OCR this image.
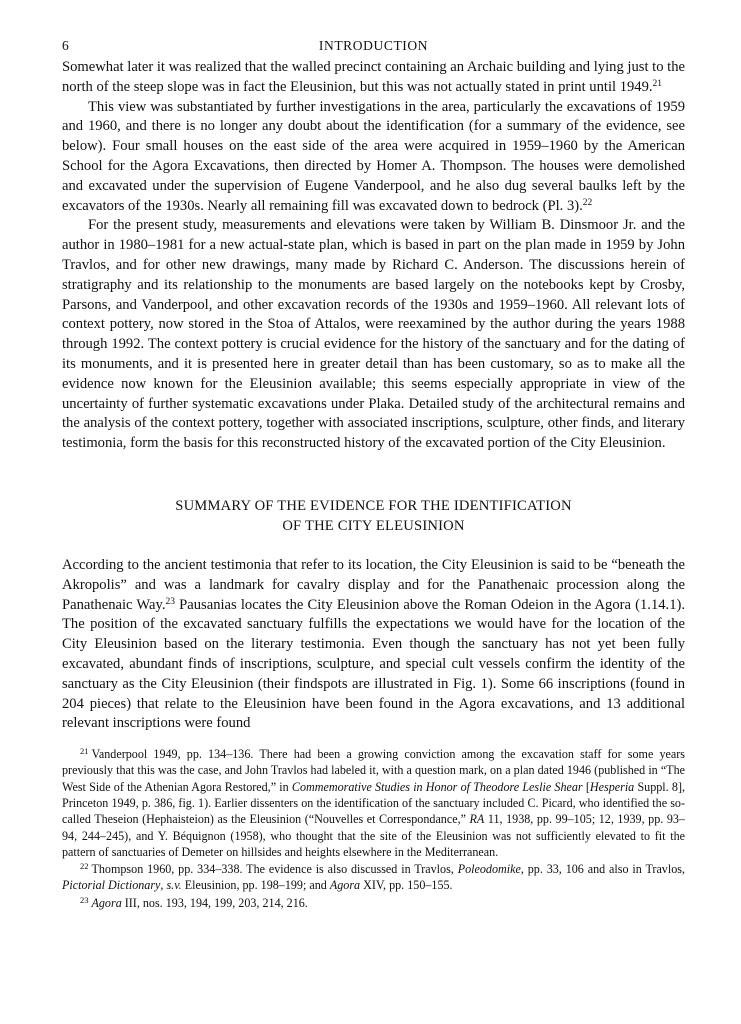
6	INTRODUCTION

Somewhat later it was realized that the walled precinct containing an Archaic building and lying just to the north of the steep slope was in fact the Eleusinion, but this was not actually stated in print until 1949.21

This view was substantiated by further investigations in the area, particularly the excavations of 1959 and 1960, and there is no longer any doubt about the identification (for a summary of the evidence, see below). Four small houses on the east side of the area were acquired in 1959–1960 by the American School for the Agora Excavations, then directed by Homer A. Thompson. The houses were demolished and excavated under the supervision of Eugene Vanderpool, and he also dug several baulks left by the excavators of the 1930s. Nearly all remaining fill was excavated down to bedrock (Pl. 3).$^{22}$

For the present study, measurements and elevations were taken by William B. Dinsmoor Jr. and the author in 1980–1981 for a new actual-state plan, which is based in part on the plan made in 1959 by John Travlos, and for other new drawings, many made by Richard C. Anderson. The discussions herein of stratigraphy and its relationship to the monuments are based largely on the notebooks kept by Crosby, Parsons, and Vanderpool, and other excavation records of the 1930s and 1959–1960. All relevant lots of context pottery, now stored in the Stoa of Attalos, were reexamined by the author during the years 1988 through 1992. The context pottery is crucial evidence for the history of the sanctuary and for the dating of its monuments, and it is presented here in greater detail than has been customary, so as to make all the evidence now known for the Eleusinion available; this seems especially appropriate in view of the uncertainty of further systematic excavations under Plaka. Detailed study of the architectural remains and the analysis of the context pottery, together with associated inscriptions, sculpture, other finds, and literary testimonia, form the basis for this reconstructed history of the excavated portion of the City Eleusinion.

SUMMARY OF THE EVIDENCE FOR THE IDENTIFICATION
OF THE CITY ELEUSINION

According to the ancient testimonia that refer to its location, the City Eleusinion is said to be “beneath the Akropolis” and was a landmark for cavalry display and for the Panathenaic procession along the Panathenaic Way.$^{23}$ Pausanias locates the City Eleusinion above the Roman Odeion in the Agora (1.14.1). The position of the excavated sanctuary fulfills the expectations we would have for the location of the City Eleusinion based on the literary testimonia. Even though the sanctuary has not yet been fully excavated, abundant finds of inscriptions, sculpture, and special cult vessels confirm the identity of the sanctuary as the City Eleusinion (their findspots are illustrated in Fig. 1). Some 66 inscriptions (found in 204 pieces) that relate to the Eleusinion have been found in the Agora excavations, and 13 additional relevant inscriptions were found

$^{21}$ Vanderpool 1949, pp. 134–136. There had been a growing conviction among the excavation staff for some years previously that this was the case, and John Travlos had labeled it, with a question mark, on a plan dated 1946 (published in “The West Side of the Athenian Agora Restored,” in Commemorative Studies in Honor of Theodore Leslie Shear [Hesperia Suppl. 8], Princeton 1949, p. 386, fig. 1). Earlier dissenters on the identification of the sanctuary included C. Picard, who identified the so-called Theseion (Hephaisteion) as the Eleusinion (“Nouvelles et Correspondance,” RA 11, 1938, pp. 99–105; 12, 1939, pp. 93–94, 244–245), and Y. Béquignon (1958), who thought that the site of the Eleusinion was not sufficiently elevated to fit the pattern of sanctuaries of Demeter on hillsides and heights elsewhere in the Mediterranean.

$^{22}$ Thompson 1960, pp. 334–338. The evidence is also discussed in Travlos, Poleodomike, pp. 33, 106 and also in Travlos, Pictorial Dictionary, s.v. Eleusinion, pp. 198–199; and Agora XIV, pp. 150–155.

$^{23}$ Agora III, nos. 193, 194, 199, 203, 214, 216.
